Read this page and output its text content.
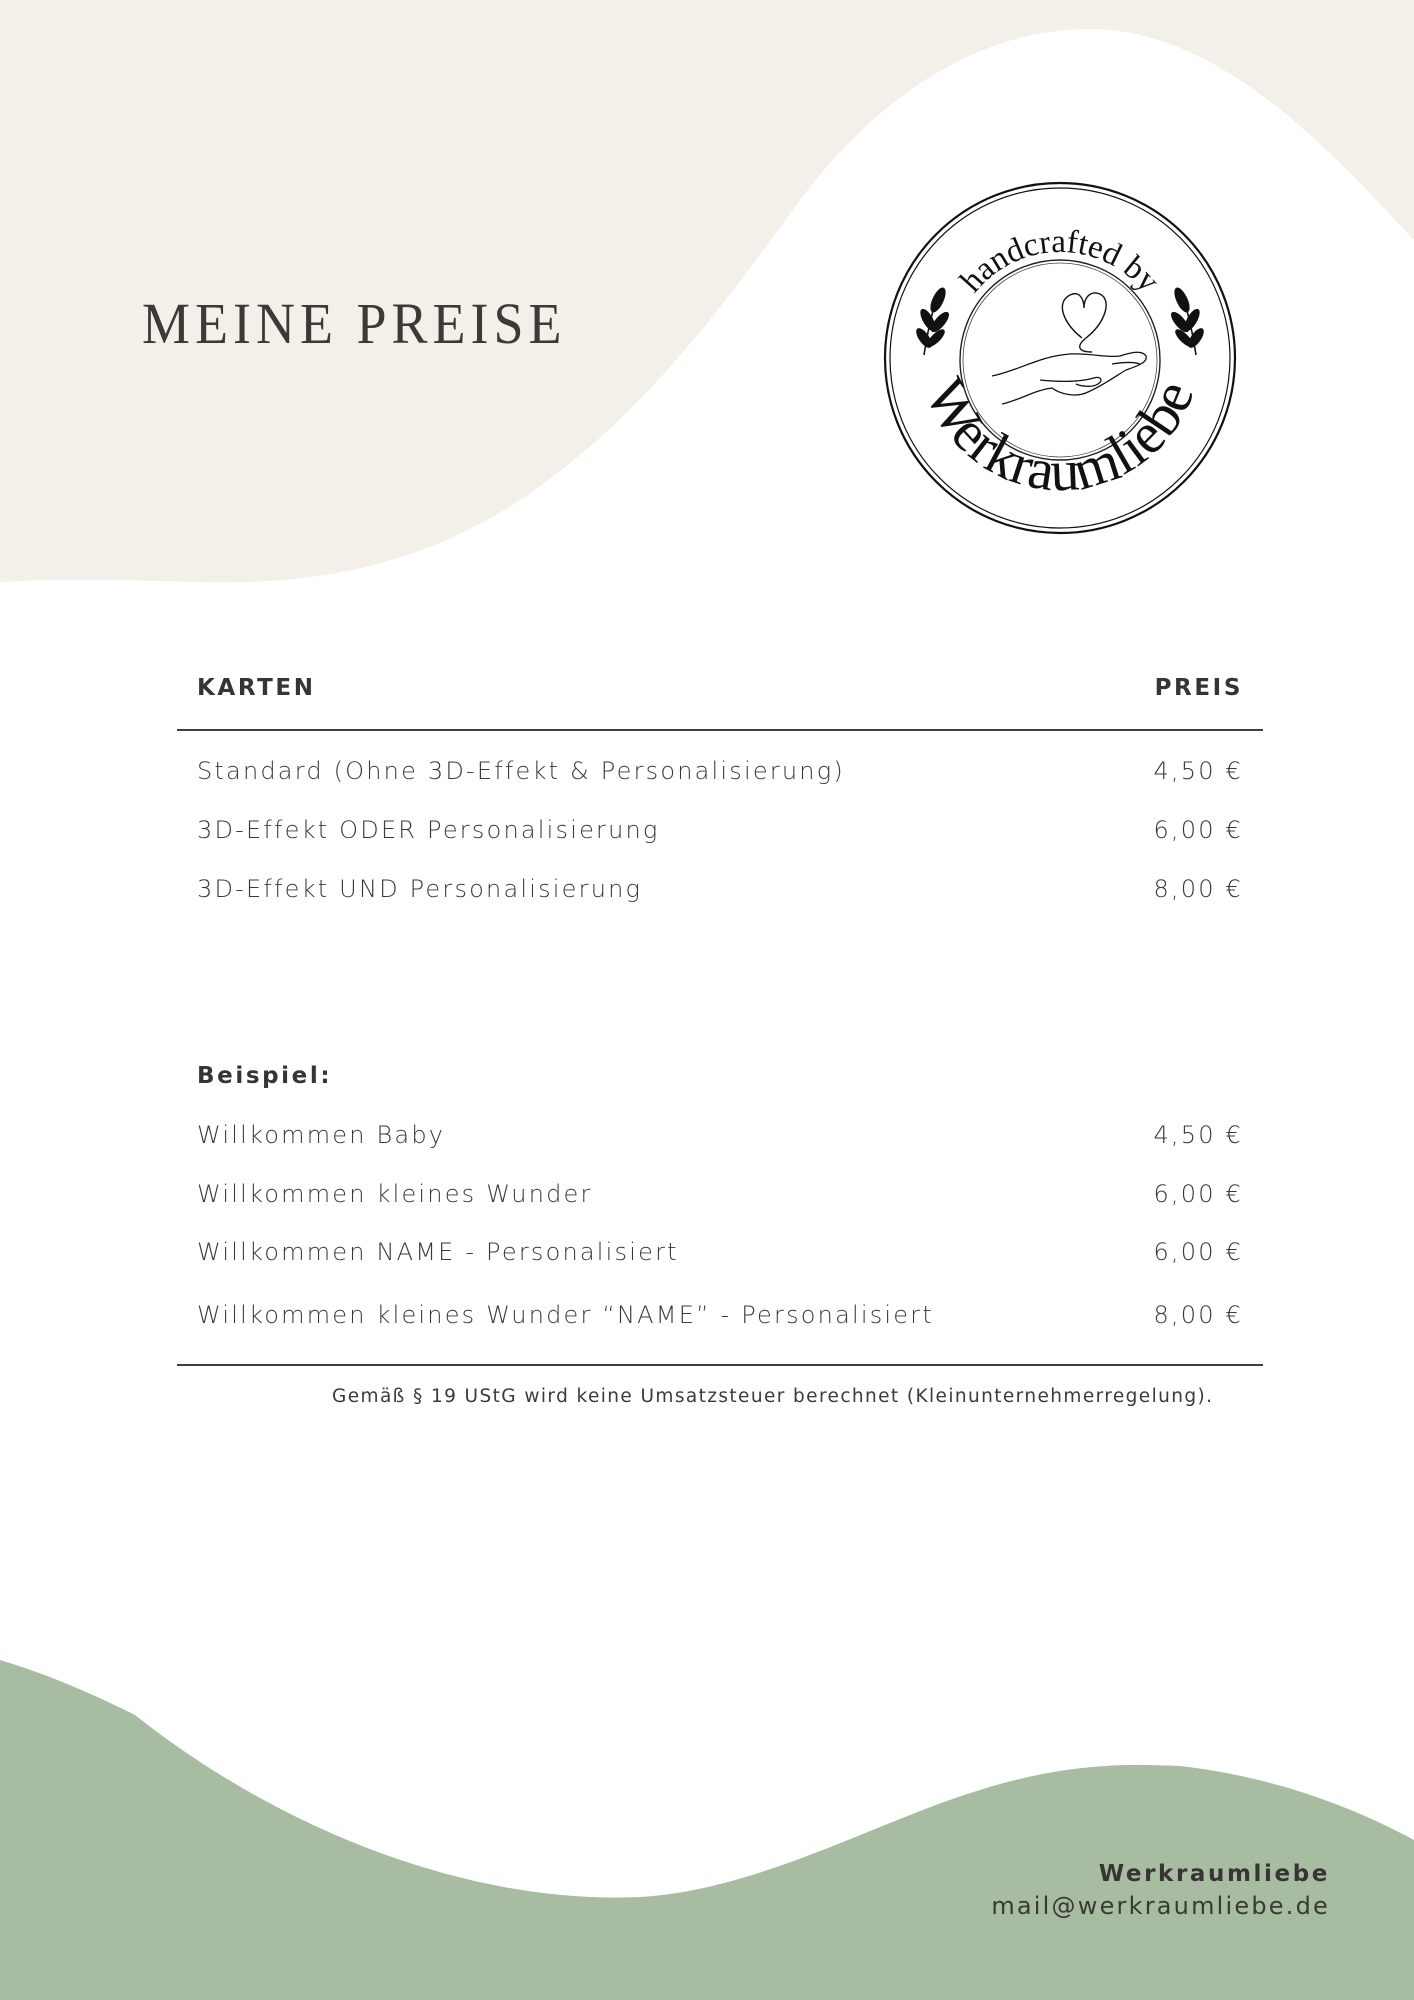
MEINE PREISE
handcrafted by
Werkraumliebe
KARTEN	PREIS
Standard (Ohne 3D-Effekt & Personalisierung)	4,50 €
3D-Effekt ODER Personalisierung	6,00 €
3D-Effekt UND Personalisierung	8,00 €
Beispiel:
Willkommen Baby	4,50 €
Willkommen kleines Wunder	6,00 €
Willkommen NAME - Personalisiert	6,00 €
Willkommen kleines Wunder “NAME” - Personalisiert	8,00 €
Gemäß § 19 UStG wird keine Umsatzsteuer berechnet (Kleinunternehmerregelung).
Werkraumliebe
mail@werkraumliebe.de
